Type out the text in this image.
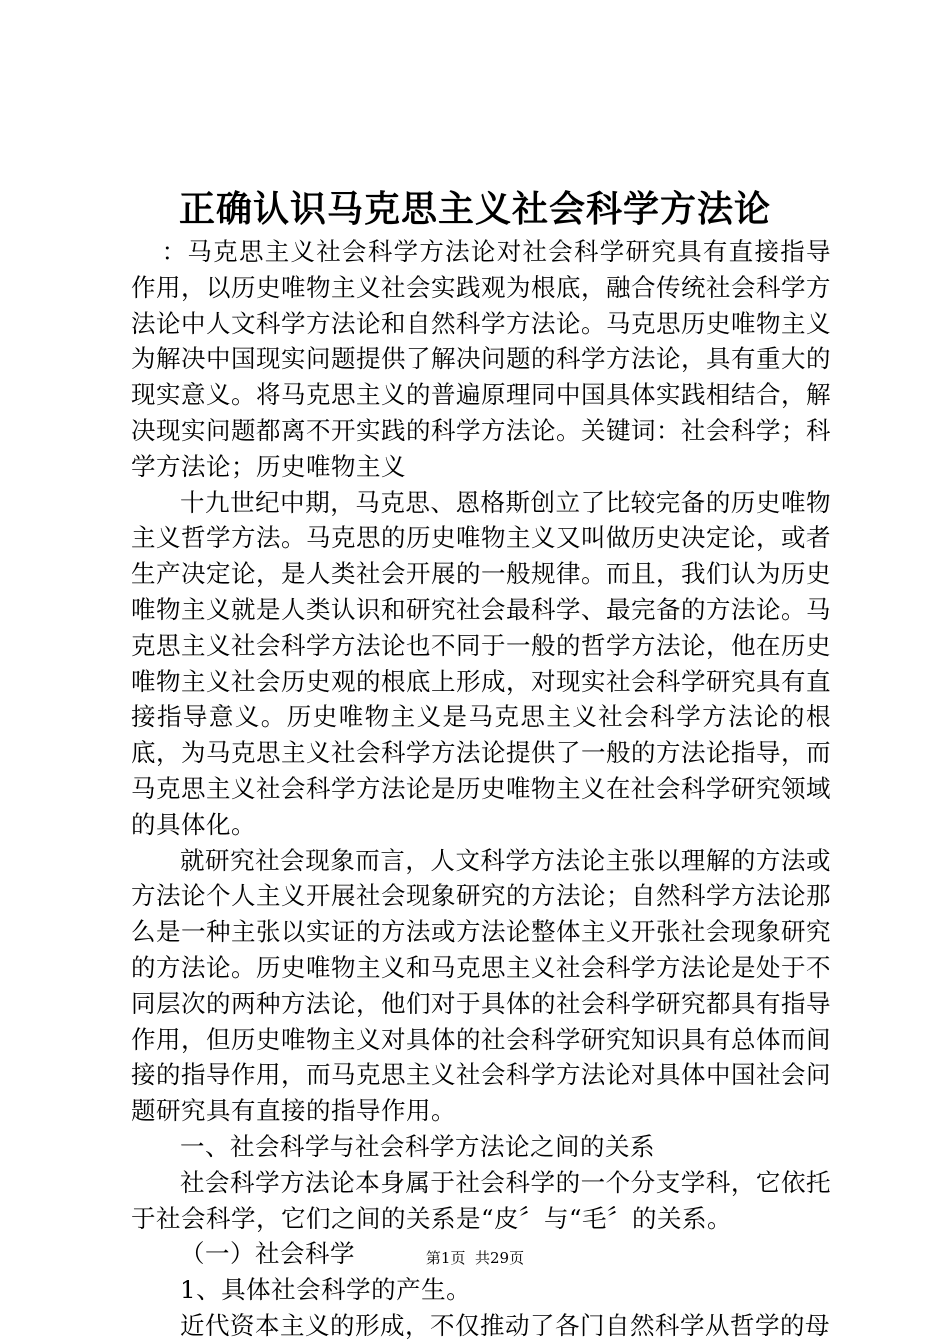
正确认识马克思主义社会科学方法论

：马克思主义社会科学方法论对社会科学研究具有直接指导作用，以历史唯物主义社会实践观为根底，融合传统社会科学方法论中人文科学方法论和自然科学方法论。马克思历史唯物主义为解决中国现实问题提供了解决问题的科学方法论，具有重大的现实意义。将马克思主义的普遍原理同中国具体实践相结合，解决现实问题都离不开实践的科学方法论。关键词：社会科学；科学方法论；历史唯物主义

十九世纪中期，马克思、恩格斯创立了比较完备的历史唯物主义哲学方法。马克思的历史唯物主义又叫做历史决定论，或者生产决定论，是人类社会开展的一般规律。而且，我们认为历史唯物主义就是人类认识和研究社会最科学、最完备的方法论。马克思主义社会科学方法论也不同于一般的哲学方法论，他在历史唯物主义社会历史观的根底上形成，对现实社会科学研究具有直接指导意义。历史唯物主义是马克思主义社会科学方法论的根底，为马克思主义社会科学方法论提供了一般的方法论指导，而马克思主义社会科学方法论是历史唯物主义在社会科学研究领域的具体化。

就研究社会现象而言，人文科学方法论主张以理解的方法或方法论个人主义开展社会现象研究的方法论；自然科学方法论那么是一种主张以实证的方法或方法论整体主义开张社会现象研究的方法论。历史唯物主义和马克思主义社会科学方法论是处于不同层次的两种方法论，他们对于具体的社会科学研究都具有指导作用，但历史唯物主义对具体的社会科学研究知识具有总体而间接的指导作用，而马克思主义社会科学方法论对具体中国社会问题研究具有直接的指导作用。

一、社会科学与社会科学方法论之间的关系

社会科学方法论本身属于社会科学的一个分支学科，它依托于社会科学，它们之间的关系是“皮〞与“毛〞的关系。

（一）社会科学

1、具体社会科学的产生。

近代资本主义的形成，不仅推动了各门自然科学从哲学的母

第1页 共29页
